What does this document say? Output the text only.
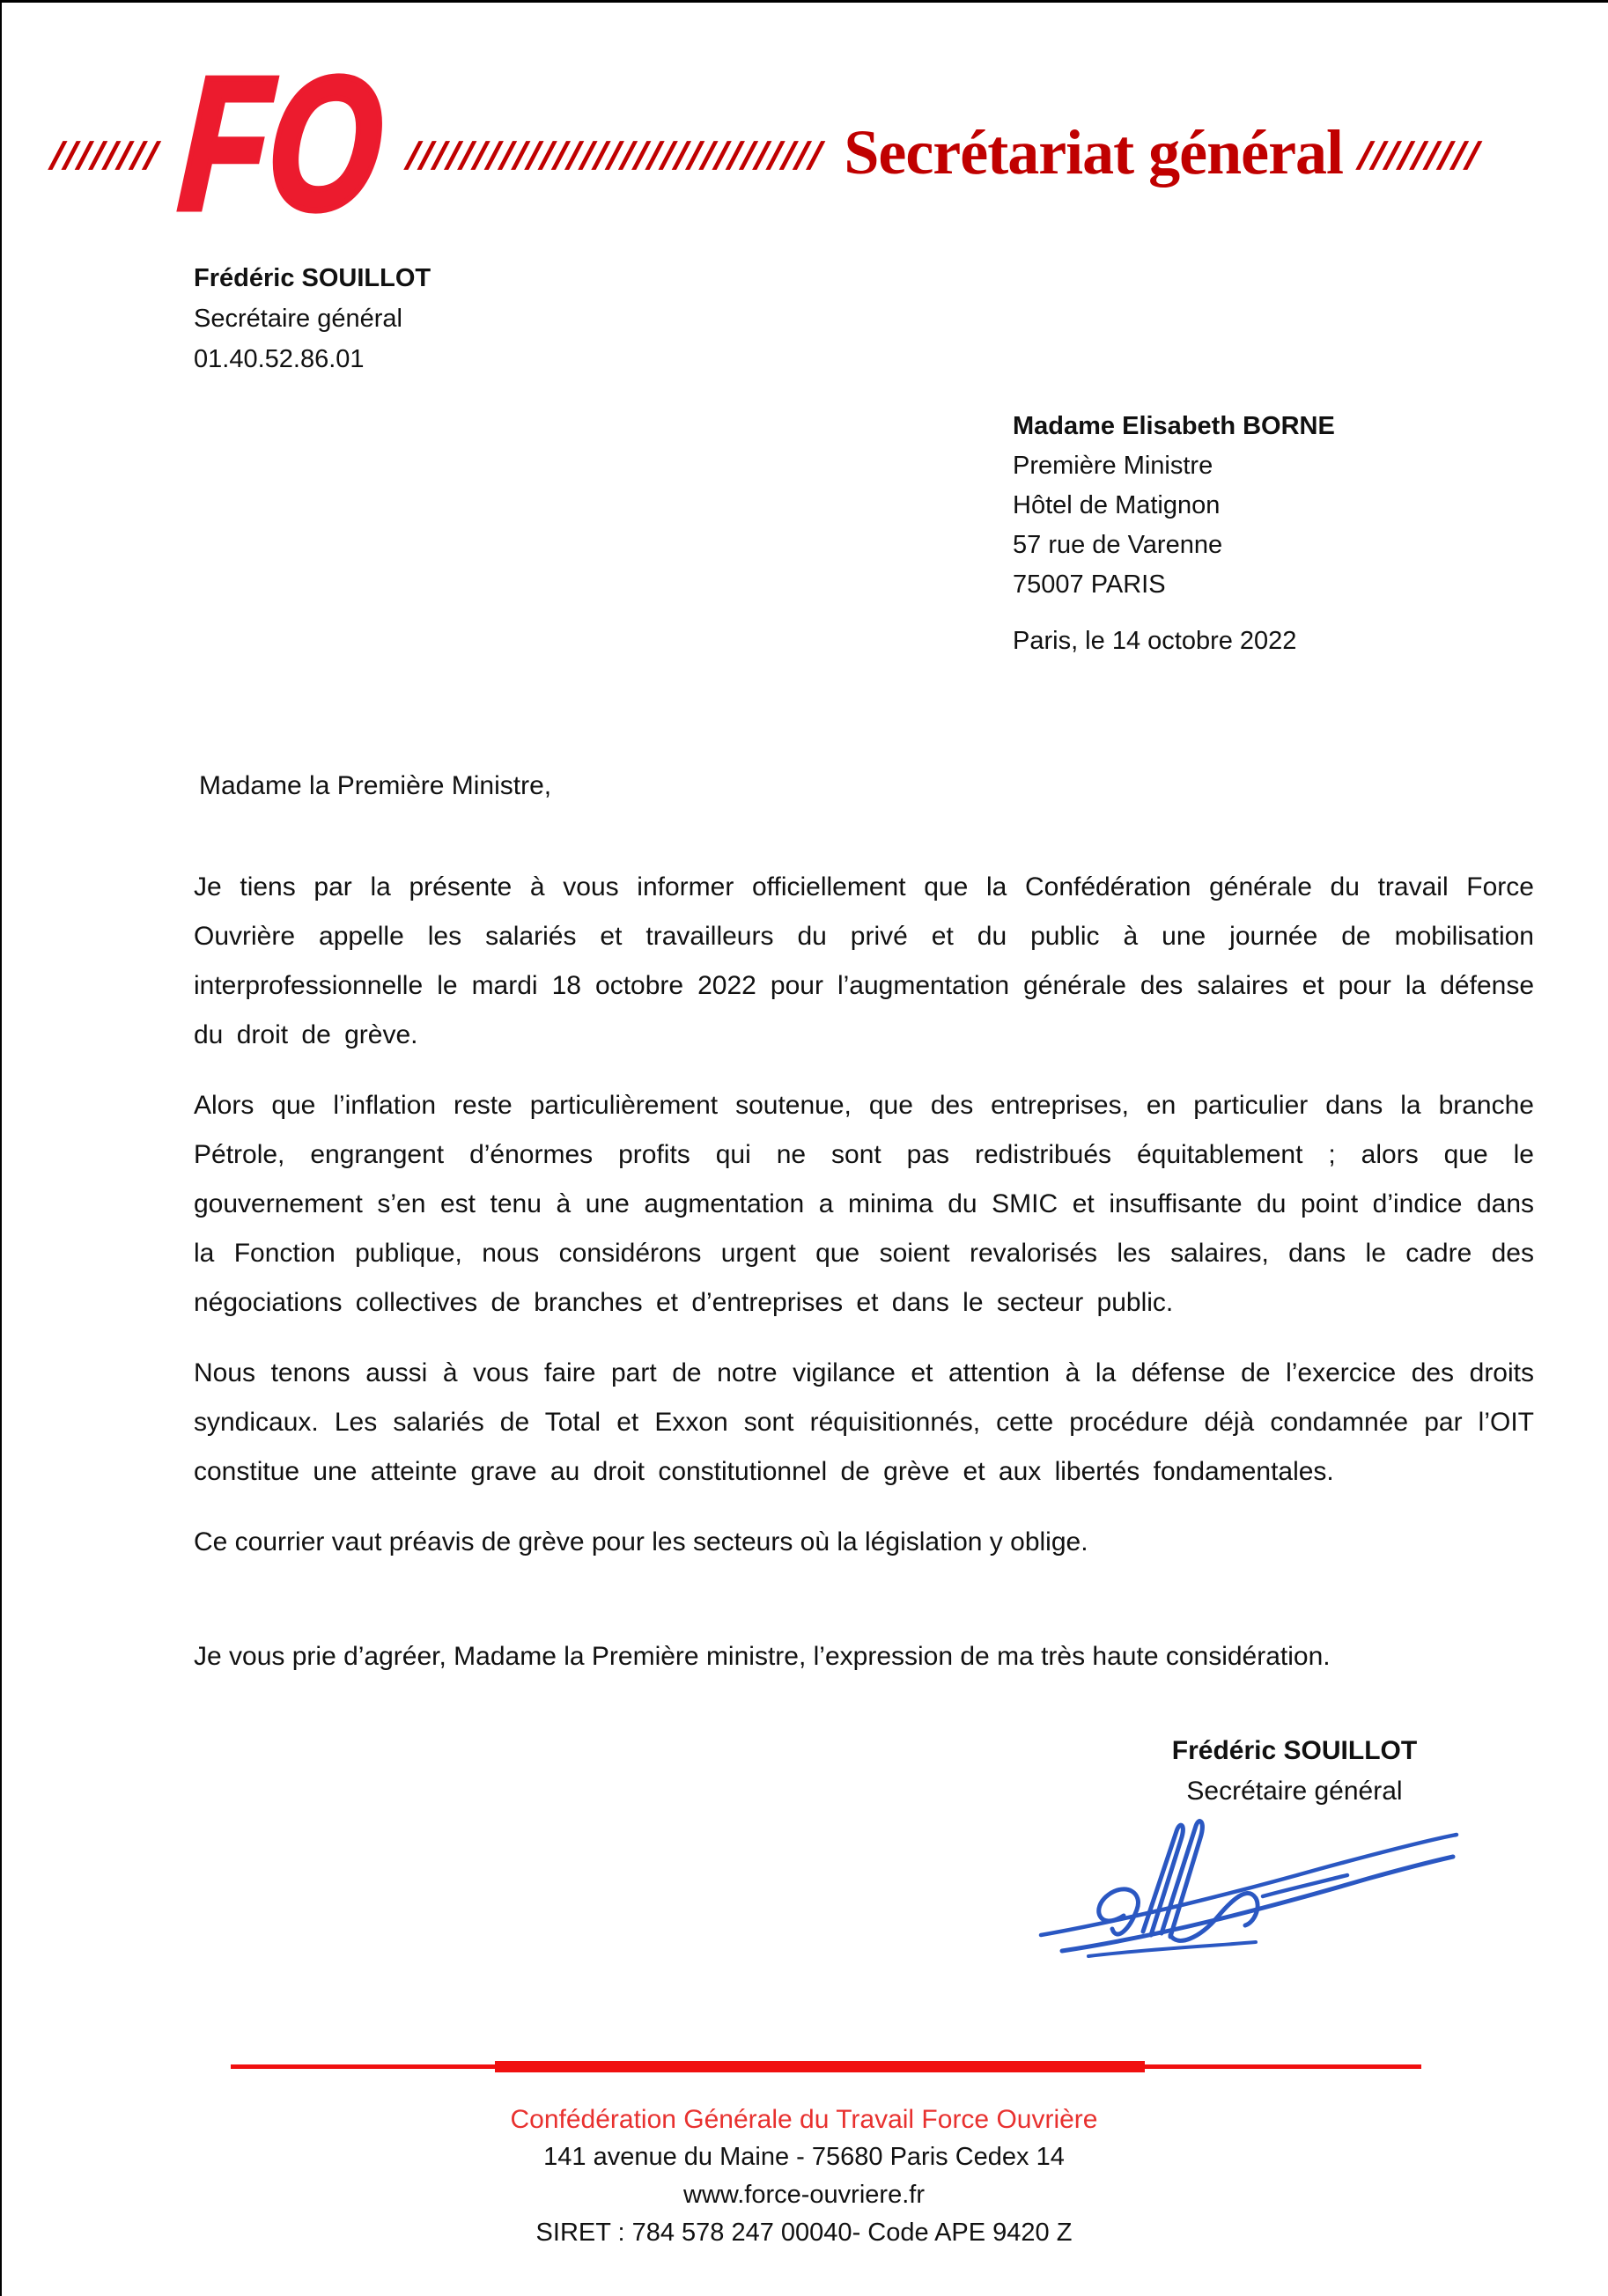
//////// FO /////////////////////////////// Secrétariat général /////////
Frédéric SOUILLOT
Secrétaire général
01.40.52.86.01
Madame Elisabeth BORNE
Première Ministre
Hôtel de Matignon
57 rue de Varenne
75007 PARIS
Paris, le 14 octobre 2022
Madame la Première Ministre,

Je tiens par la présente à vous informer officiellement que la Confédération générale du travail Force Ouvrière appelle les salariés et travailleurs du privé et du public à une journée de mobilisation interprofessionnelle le mardi 18 octobre 2022 pour l’augmentation générale des salaires et pour la défense du droit de grève.

Alors que l’inflation reste particulièrement soutenue, que des entreprises, en particulier dans la branche Pétrole, engrangent d’énormes profits qui ne sont pas redistribués équitablement ; alors que le gouvernement s’en est tenu à une augmentation a minima du SMIC et insuffisante du point d’indice dans la Fonction publique, nous considérons urgent que soient revalorisés les salaires, dans le cadre des négociations collectives de branches et d’entreprises et dans le secteur public.

Nous tenons aussi à vous faire part de notre vigilance et attention à la défense de l’exercice des droits syndicaux. Les salariés de Total et Exxon sont réquisitionnés, cette procédure déjà condamnée par l’OIT constitue une atteinte grave au droit constitutionnel de grève et aux libertés fondamentales.

Ce courrier vaut préavis de grève pour les secteurs où la législation y oblige.

Je vous prie d’agréer, Madame la Première ministre, l’expression de ma très haute considération.

Frédéric SOUILLOT
Secrétaire général
Confédération Générale du Travail Force Ouvrière
141 avenue du Maine - 75680 Paris Cedex 14
www.force-ouvriere.fr
SIRET : 784 578 247 00040- Code APE 9420 Z
